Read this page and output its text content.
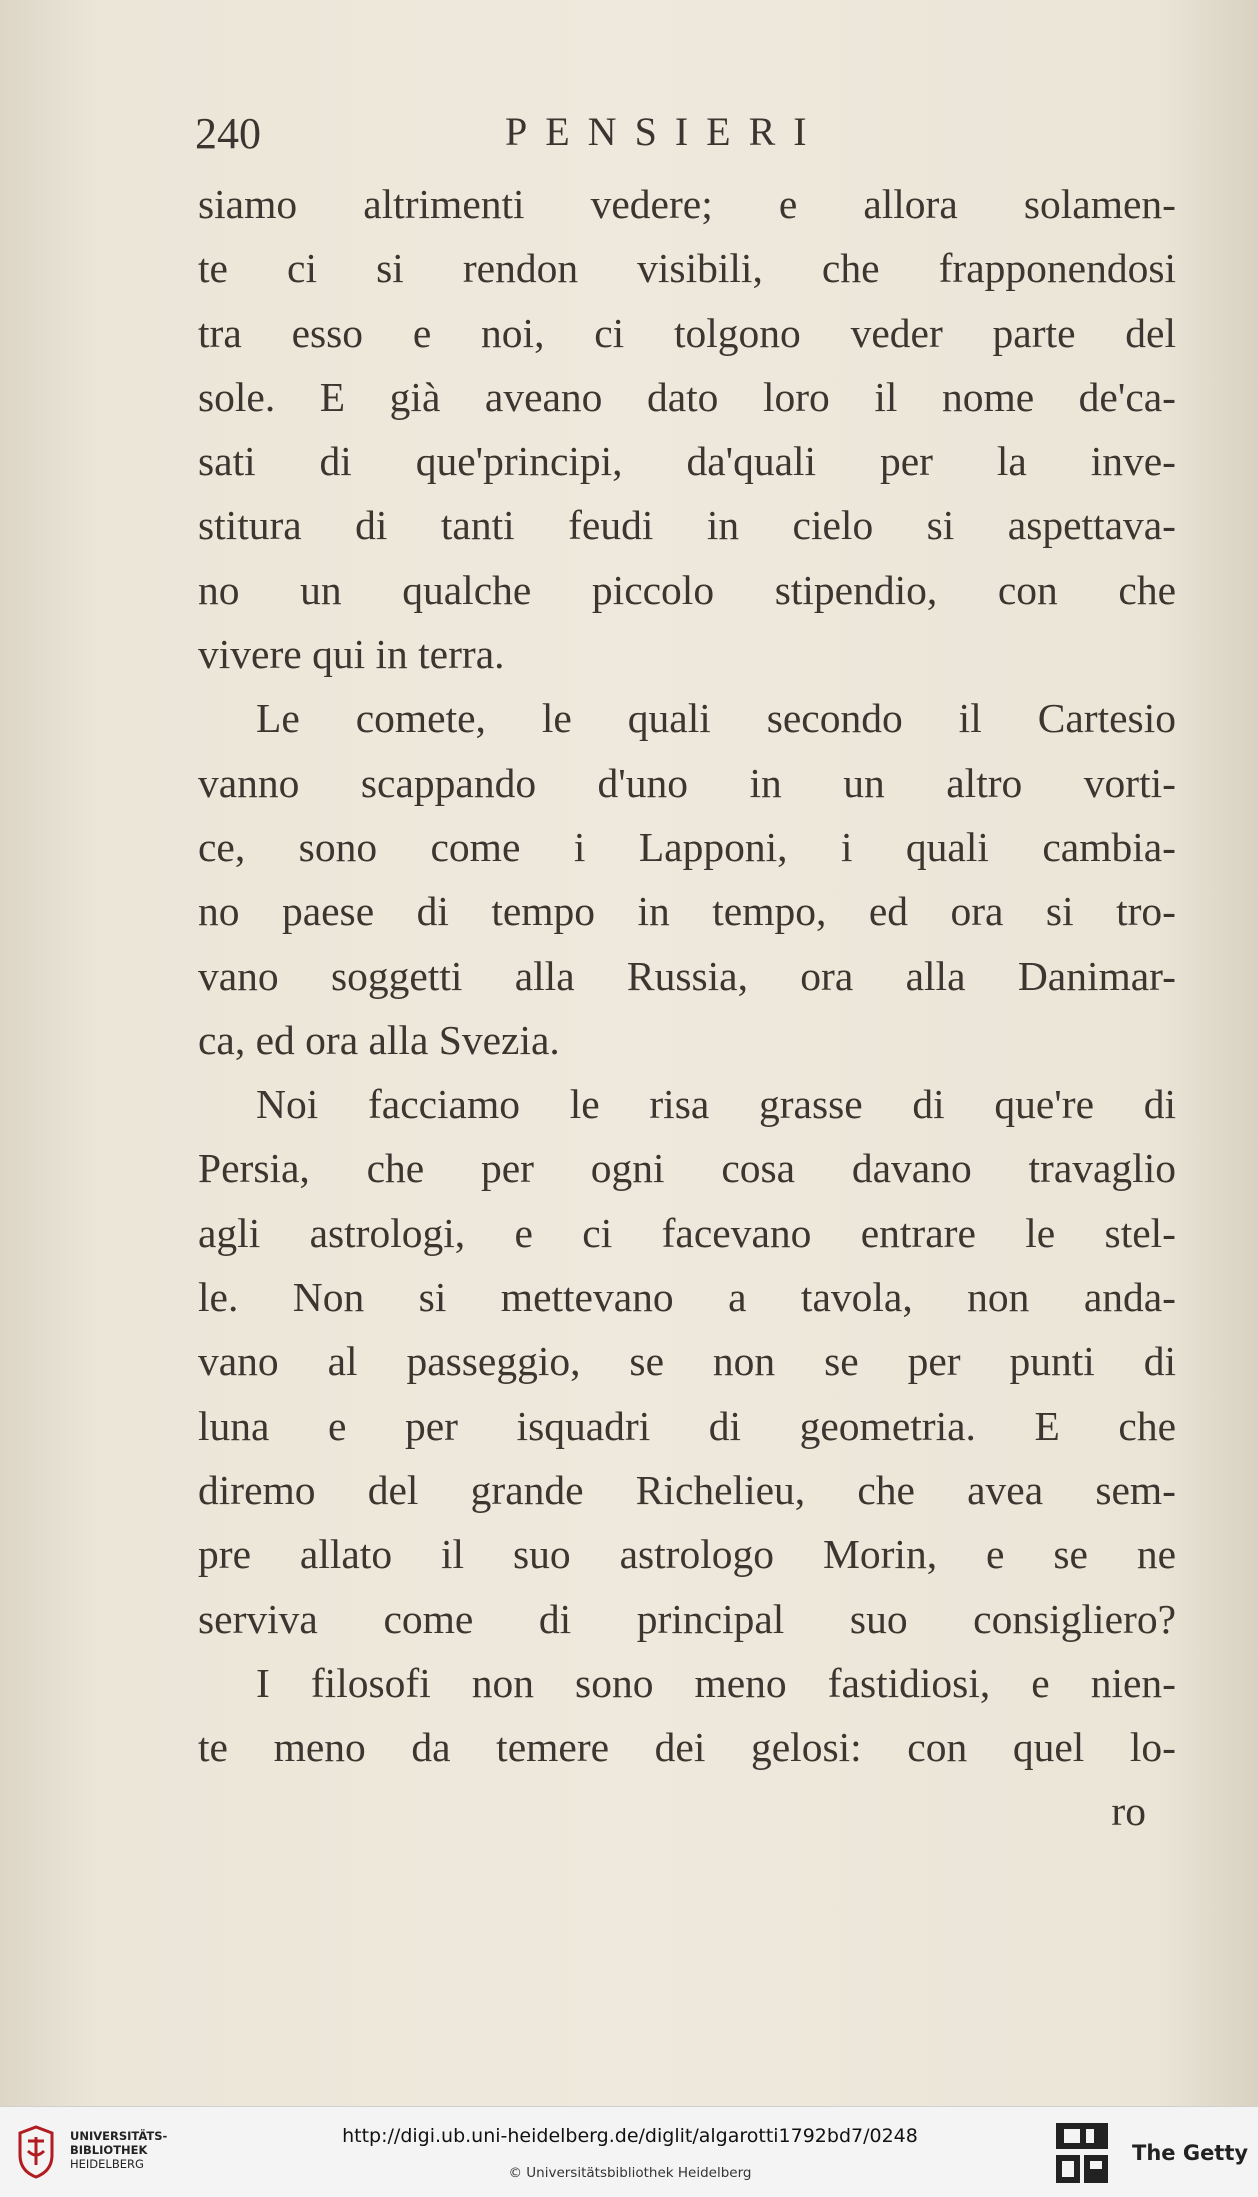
240	PENSIERI
siamo altrimenti vedere; e allora solamen-
te ci si rendon visibili, che frapponendosi
tra esso e noi, ci tolgono veder parte del
sole. E già aveano dato loro il nome de'ca-
sati di que'principi, da'quali per la inve-
stitura di tanti feudi in cielo si aspettava-
no un qualche piccolo stipendio, con che
vivere qui in terra.
Le comete, le quali secondo il Cartesio
vanno scappando d'uno in un altro vorti-
ce, sono come i Lapponi, i quali cambia-
no paese di tempo in tempo, ed ora si tro-
vano soggetti alla Russia, ora alla Danimar-
ca, ed ora alla Svezia.
Noi facciamo le risa grasse di que're di
Persia, che per ogni cosa davano travaglio
agli astrologi, e ci facevano entrare le stel-
le. Non si mettevano a tavola, non anda-
vano al passeggio, se non se per punti di
luna e per isquadri di geometria. E che
diremo del grande Richelieu, che avea sem-
pre allato il suo astrologo Morin, e se ne
serviva come di principal suo consigliero?
I filosofi non sono meno fastidiosi, e nien-
te meno da temere dei gelosi: con quel lo-
ro
UNIVERSITÄTS-
BIBLIOTHEK
HEIDELBERG
http://digi.ub.uni-heidelberg.de/diglit/algarotti1792bd7/0248
© Universitätsbibliothek Heidelberg
The Getty
